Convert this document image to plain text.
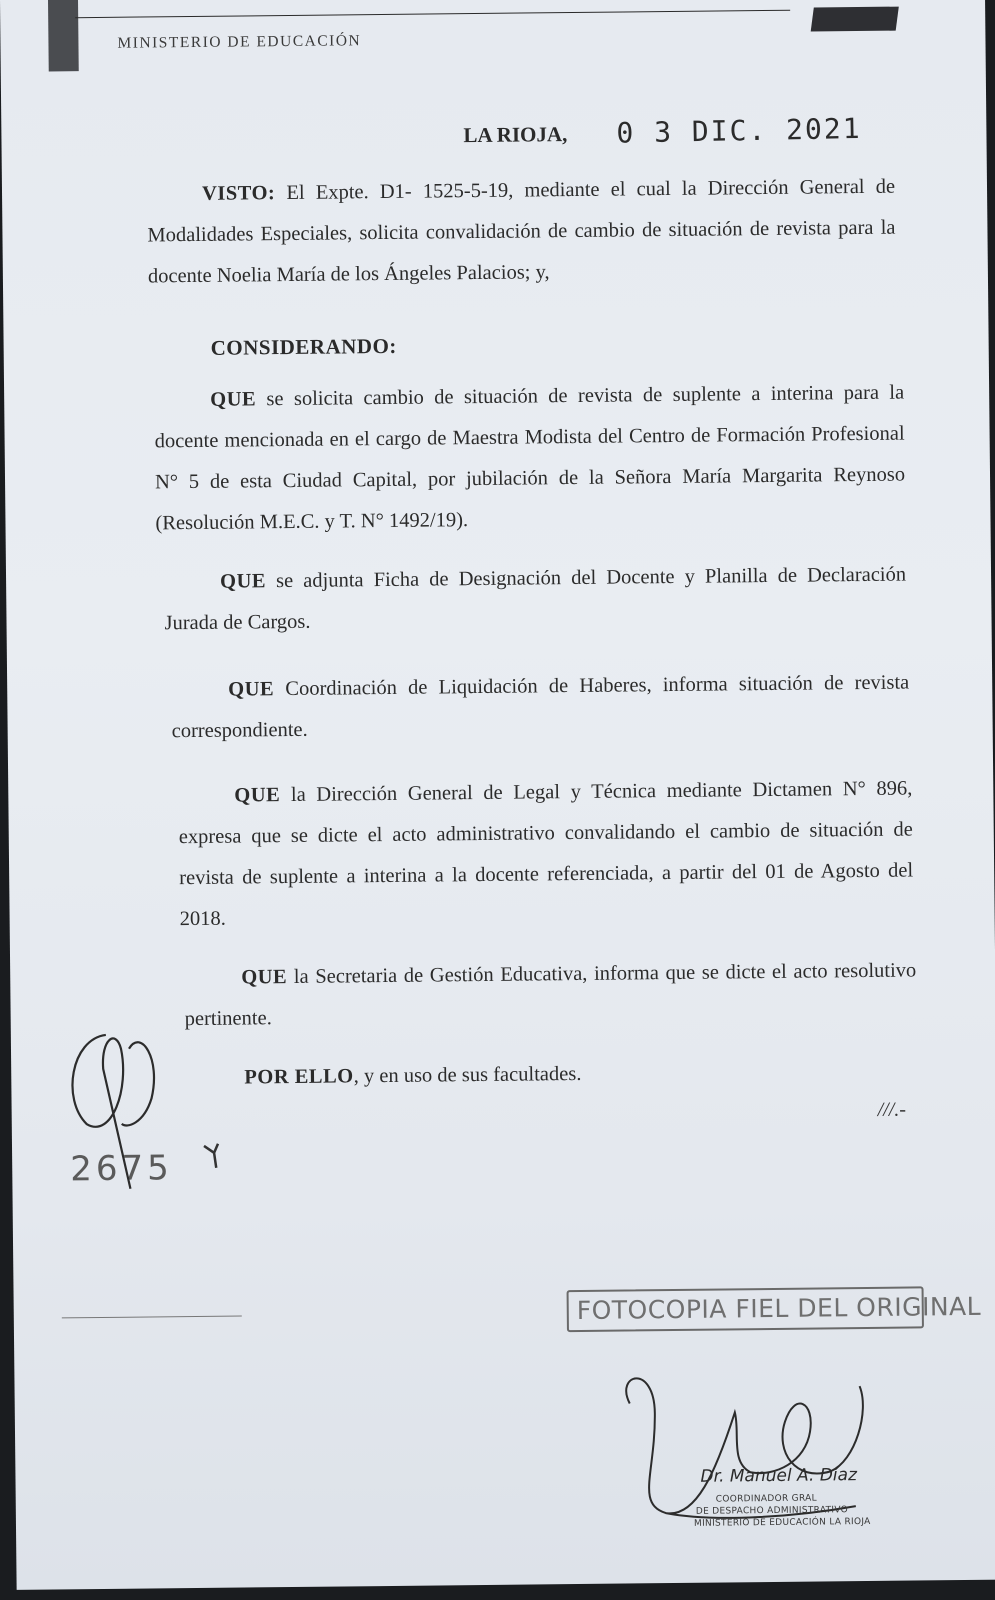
MINISTERIO DE EDUCACIÓN
LA RIOJA, 0 3 DIC. 2021
VISTO: El Expte. D1- 1525-5-19, mediante el cual la Dirección General de Modalidades Especiales, solicita convalidación de cambio de situación de revista para la docente Noelia María de los Ángeles Palacios; y,
CONSIDERANDO:
QUE se solicita cambio de situación de revista de suplente a interina para la docente mencionada en el cargo de Maestra Modista del Centro de Formación Profesional N° 5 de esta Ciudad Capital, por jubilación de la Señora María Margarita Reynoso (Resolución M.E.C. y T. N° 1492/19).
QUE se adjunta Ficha de Designación del Docente y Planilla de Declaración Jurada de Cargos.
QUE Coordinación de Liquidación de Haberes, informa situación de revista correspondiente.
QUE la Dirección General de Legal y Técnica mediante Dictamen N° 896, expresa que se dicte el acto administrativo convalidando el cambio de situación de revista de suplente a interina a la docente referenciada, a partir del 01 de Agosto del 2018.
QUE la Secretaria de Gestión Educativa, informa que se dicte el acto resolutivo pertinente.
POR ELLO, y en uso de sus facultades.
///.-
2675
FOTOCOPIA FIEL DEL ORIGINAL
Dr. Manuel A. Díaz
COORDINADOR GRAL
DE DESPACHO ADMINISTRATIVO
MINISTERIO DE EDUCACIÓN LA RIOJA
